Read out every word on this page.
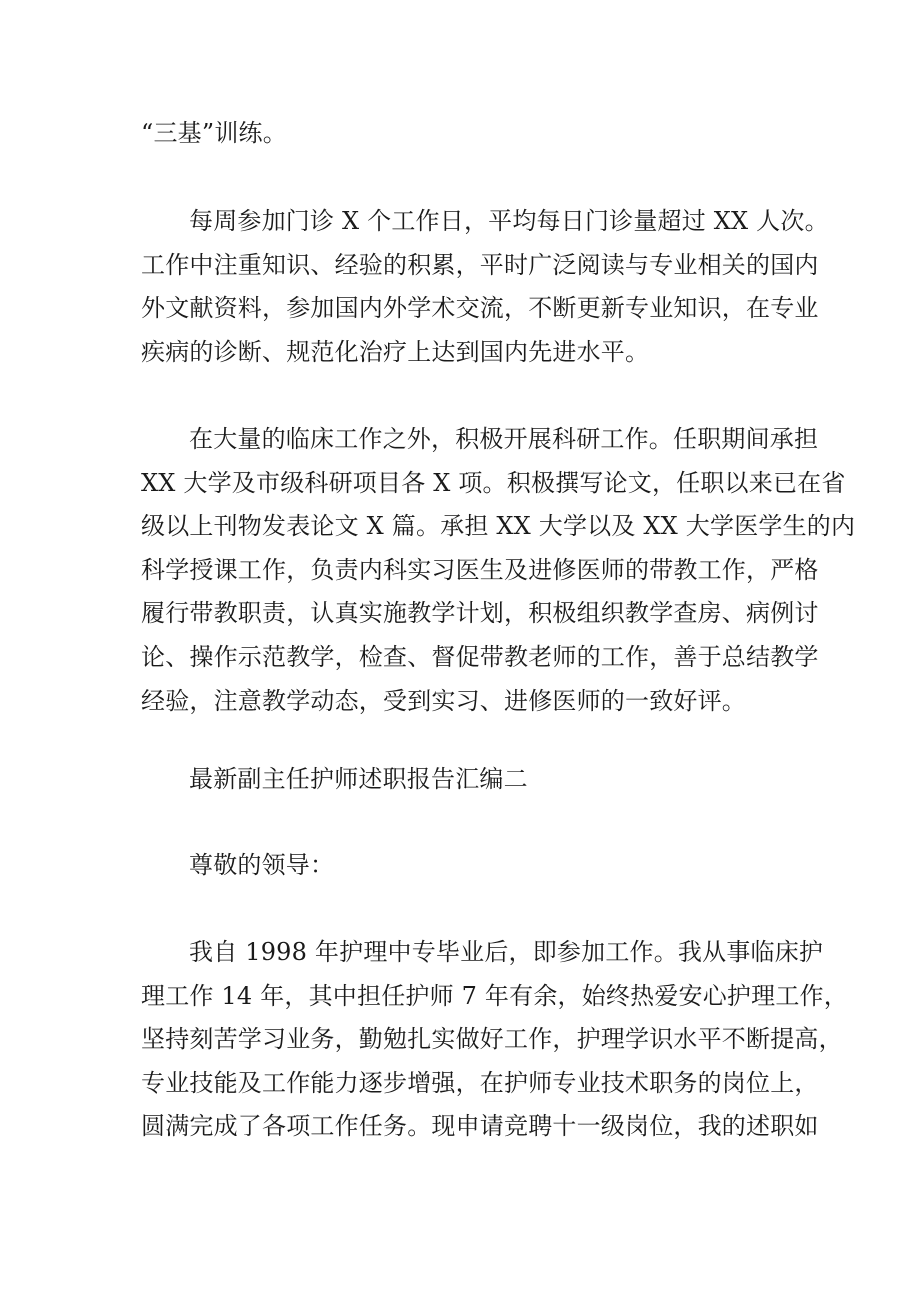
“三基”训练。
每周参加门诊 X 个工作日，平均每日门诊量超过 XX 人次。
工作中注重知识、经验的积累，平时广泛阅读与专业相关的国内
外文献资料，参加国内外学术交流，不断更新专业知识，在专业
疾病的诊断、规范化治疗上达到国内先进水平。
在大量的临床工作之外，积极开展科研工作。任职期间承担
XX 大学及市级科研项目各 X 项。积极撰写论文，任职以来已在省
级以上刊物发表论文 X 篇。承担 XX 大学以及 XX 大学医学生的内
科学授课工作，负责内科实习医生及进修医师的带教工作，严格
履行带教职责，认真实施教学计划，积极组织教学查房、病例讨
论、操作示范教学，检查、督促带教老师的工作，善于总结教学
经验，注意教学动态，受到实习、进修医师的一致好评。
最新副主任护师述职报告汇编二
尊敬的领导：
我自 1998 年护理中专毕业后，即参加工作。我从事临床护
理工作 14 年，其中担任护师 7 年有余，始终热爱安心护理工作，
坚持刻苦学习业务，勤勉扎实做好工作，护理学识水平不断提高，
专业技能及工作能力逐步增强，在护师专业技术职务的岗位上，
圆满完成了各项工作任务。现申请竞聘十一级岗位，我的述职如
